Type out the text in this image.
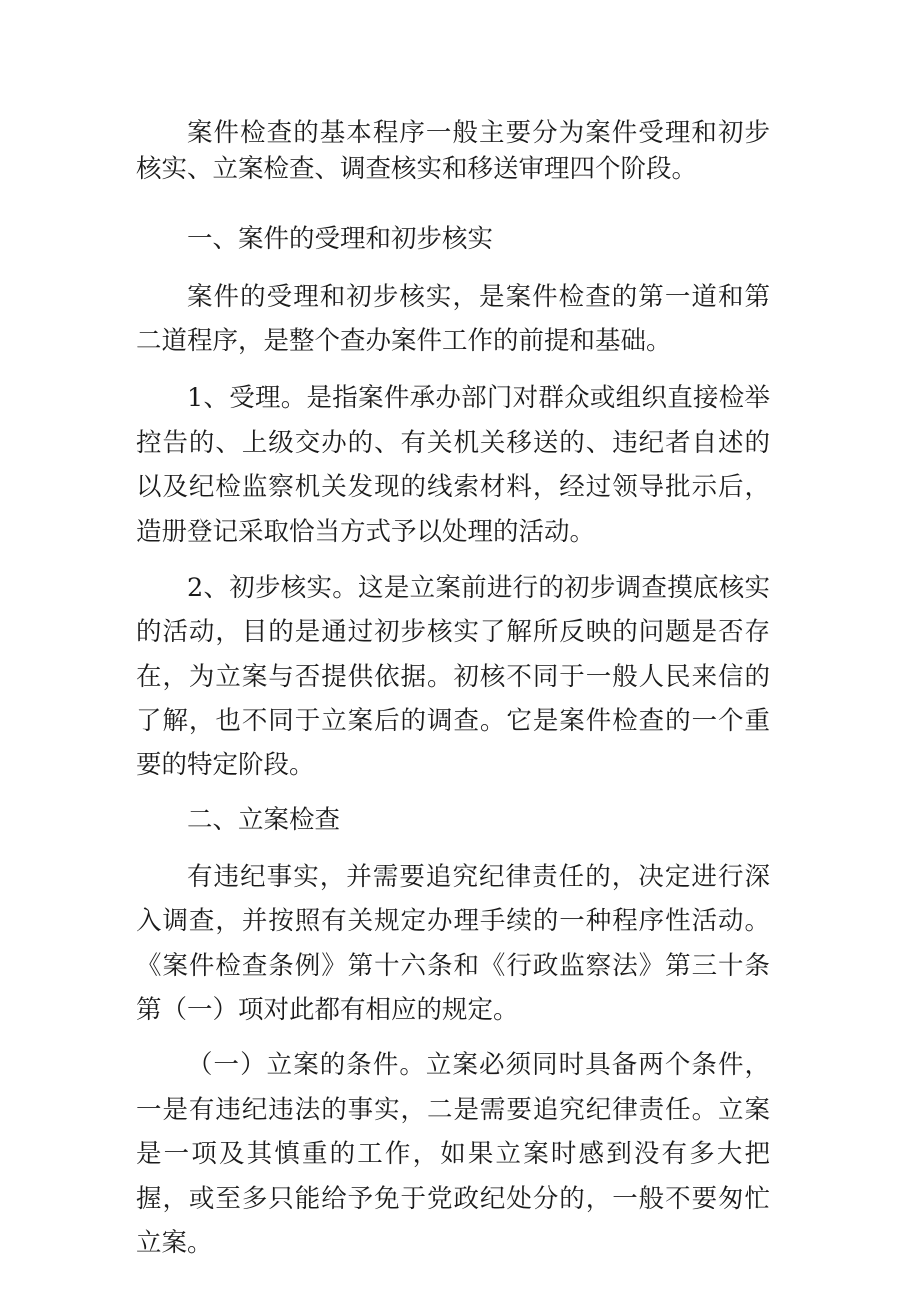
案件检查的基本程序一般主要分为案件受理和初步核实、立案检查、调查核实和移送审理四个阶段。

一、案件的受理和初步核实

案件的受理和初步核实，是案件检查的第一道和第二道程序，是整个查办案件工作的前提和基础。

1、受理。是指案件承办部门对群众或组织直接检举控告的、上级交办的、有关机关移送的、违纪者自述的以及纪检监察机关发现的线索材料，经过领导批示后，造册登记采取恰当方式予以处理的活动。

2、初步核实。这是立案前进行的初步调查摸底核实的活动，目的是通过初步核实了解所反映的问题是否存在，为立案与否提供依据。初核不同于一般人民来信的了解，也不同于立案后的调查。它是案件检查的一个重要的特定阶段。

二、立案检查

有违纪事实，并需要追究纪律责任的，决定进行深入调查，并按照有关规定办理手续的一种程序性活动。《案件检查条例》第十六条和《行政监察法》第三十条第（一）项对此都有相应的规定。

（一）立案的条件。立案必须同时具备两个条件，一是有违纪违法的事实，二是需要追究纪律责任。立案是一项及其慎重的工作，如果立案时感到没有多大把握，或至多只能给予免于党政纪处分的，一般不要匆忙立案。
